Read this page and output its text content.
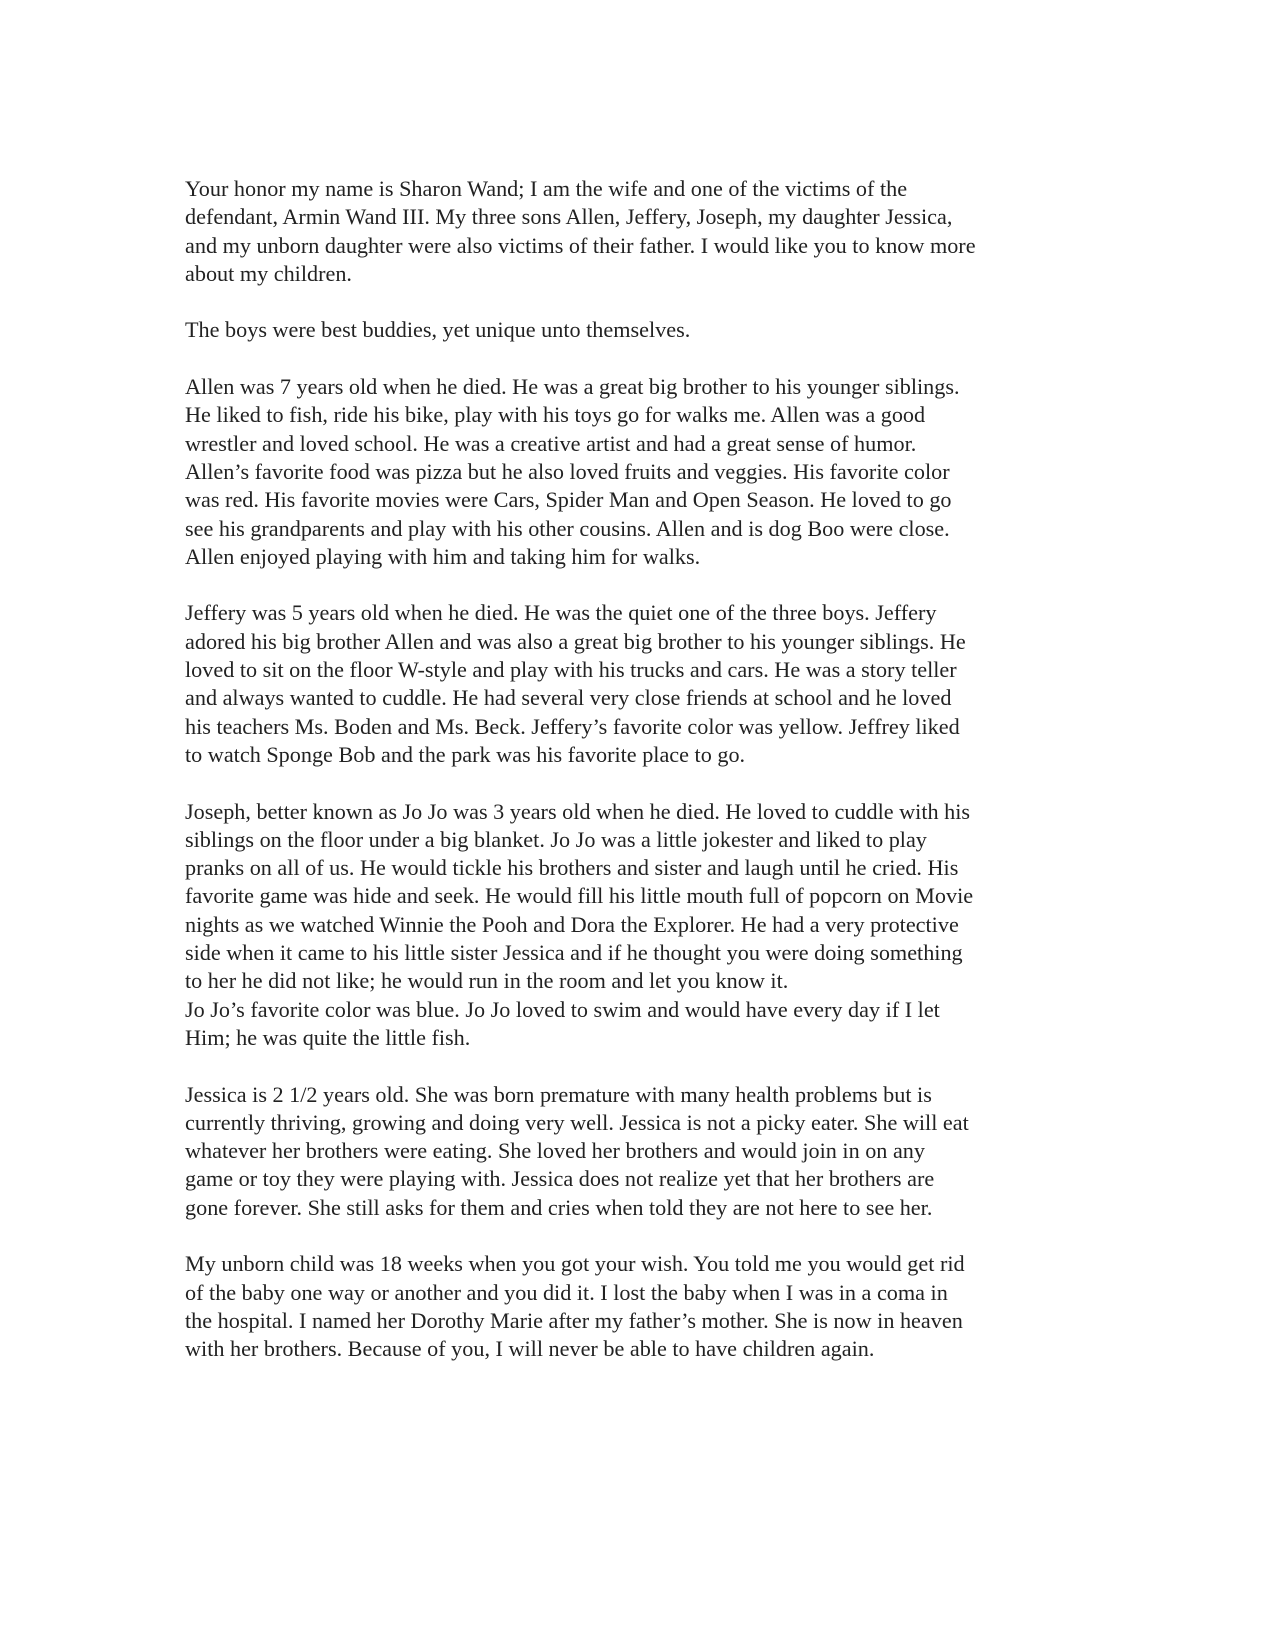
Your honor my name is Sharon Wand; I am the wife and one of the victims of the
defendant, Armin Wand III. My three sons Allen, Jeffery, Joseph, my daughter Jessica,
and my unborn daughter were also victims of their father. I would like you to know more
about my children.

The boys were best buddies, yet unique unto themselves.

Allen was 7 years old when he died. He was a great big brother to his younger siblings.
He liked to fish, ride his bike, play with his toys go for walks me. Allen was a good
wrestler and loved school. He was a creative artist and had a great sense of humor.
Allen’s favorite food was pizza but he also loved fruits and veggies. His favorite color
was red. His favorite movies were Cars, Spider Man and Open Season. He loved to go
see his grandparents and play with his other cousins. Allen and is dog Boo were close.
Allen enjoyed playing with him and taking him for walks.

Jeffery was 5 years old when he died. He was the quiet one of the three boys. Jeffery
adored his big brother Allen and was also a great big brother to his younger siblings. He
loved to sit on the floor W-style and play with his trucks and cars. He was a story teller
and always wanted to cuddle. He had several very close friends at school and he loved
his teachers Ms. Boden and Ms. Beck. Jeffery’s favorite color was yellow. Jeffrey liked
to watch Sponge Bob and the park was his favorite place to go.

Joseph, better known as Jo Jo was 3 years old when he died. He loved to cuddle with his
siblings on the floor under a big blanket. Jo Jo was a little jokester and liked to play
pranks on all of us. He would tickle his brothers and sister and laugh until he cried. His
favorite game was hide and seek. He would fill his little mouth full of popcorn on Movie
nights as we watched Winnie the Pooh and Dora the Explorer. He had a very protective
side when it came to his little sister Jessica and if he thought you were doing something
to her he did not like; he would run in the room and let you know it.

Jo Jo’s favorite color was blue. Jo Jo loved to swim and would have every day if I let
Him; he was quite the little fish.

Jessica is 2 1/2 years old. She was born premature with many health problems but is
currently thriving, growing and doing very well. Jessica is not a picky eater. She will eat
whatever her brothers were eating. She loved her brothers and would join in on any
game or toy they were playing with. Jessica does not realize yet that her brothers are
gone forever. She still asks for them and cries when told they are not here to see her.

My unborn child was 18 weeks when you got your wish. You told me you would get rid
of the baby one way or another and you did it. I lost the baby when I was in a coma in
the hospital. I named her Dorothy Marie after my father’s mother. She is now in heaven
with her brothers. Because of you, I will never be able to have children again.
